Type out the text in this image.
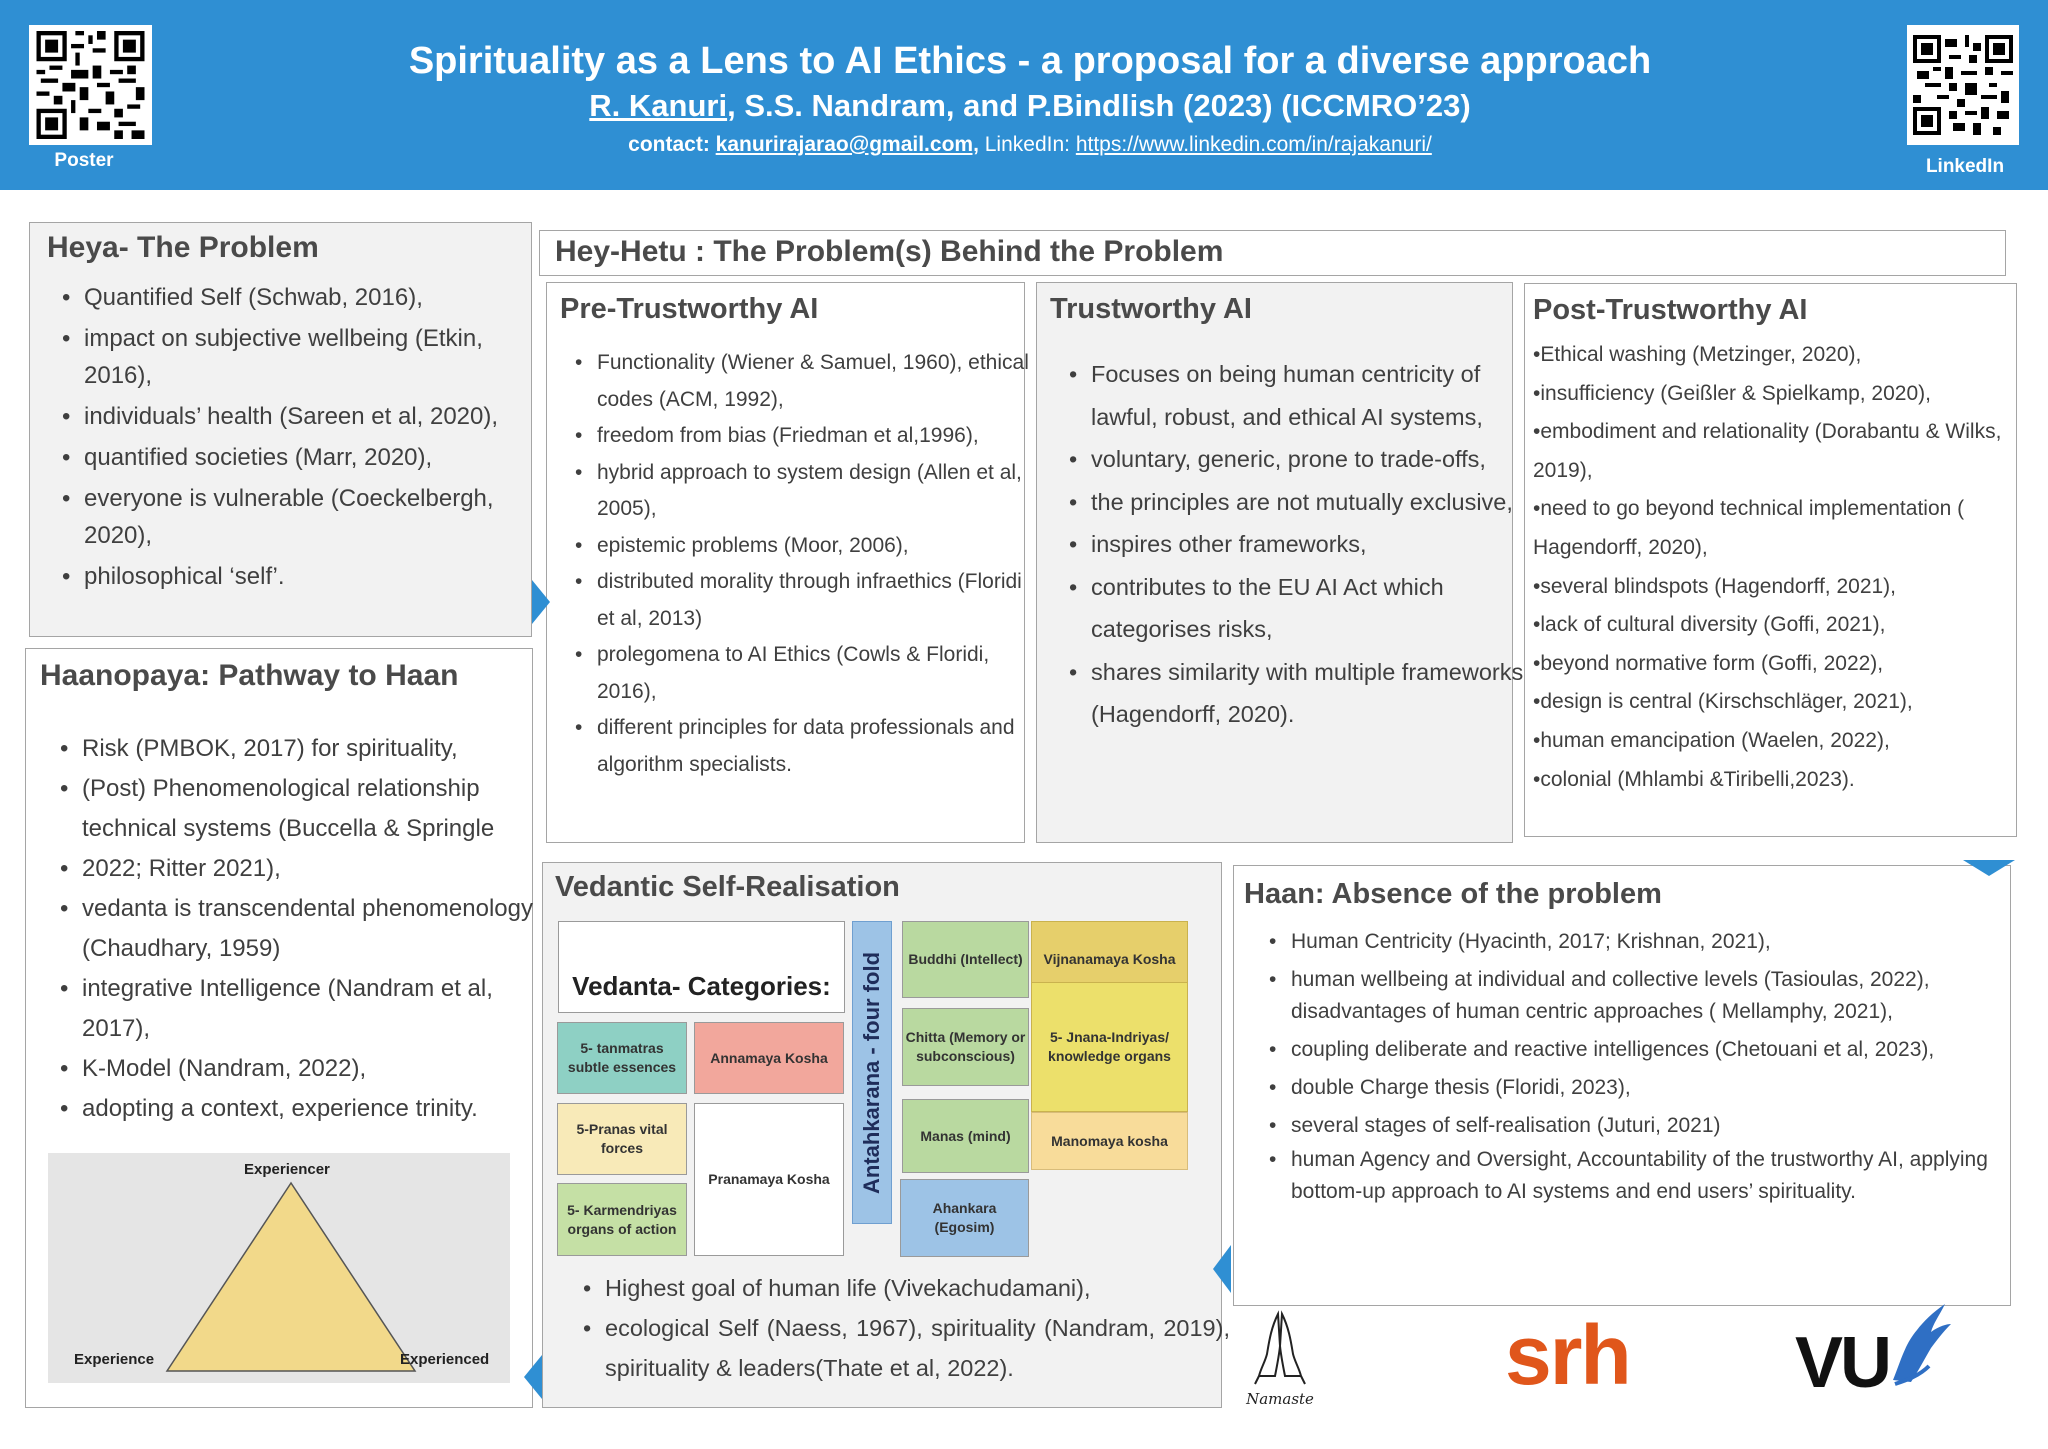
Poster	LinkedIn
Spirituality as a Lens to AI Ethics - a proposal for a diverse approach
R. Kanuri, S.S. Nandram, and P.Bindlish (2023) (ICCMRO’23)
contact: kanurirajarao@gmail.com, LinkedIn: https://www.linkedin.com/in/rajakanuri/
Heya- The Problem
• Quantified Self (Schwab, 2016),
• impact on subjective wellbeing (Etkin, 2016),
• individuals’ health (Sareen et al, 2020),
• quantified societies (Marr, 2020),
• everyone is vulnerable (Coeckelbergh, 2020),
• philosophical ‘self’.
Haanopaya: Pathway to Haan
• Risk (PMBOK, 2017) for spirituality,
• (Post) Phenomenological relationship technical systems (Buccella & Springle
• 2022; Ritter 2021),
• vedanta is transcendental phenomenology (Chaudhary, 1959)
• integrative Intelligence (Nandram et al, 2017),
• K-Model (Nandram, 2022),
• adopting a context, experience trinity.
Experiencer
Experience	Experienced
Hey-Hetu : The Problem(s) Behind the Problem
Pre-Trustworthy AI
• Functionality (Wiener & Samuel, 1960), ethical codes (ACM, 1992),
• freedom from bias (Friedman et al,1996),
• hybrid approach to system design (Allen et al, 2005),
• epistemic problems (Moor, 2006),
• distributed morality through infraethics (Floridi et al, 2013)
• prolegomena to AI Ethics (Cowls & Floridi, 2016),
• different principles for data professionals and algorithm specialists.
Trustworthy AI
• Focuses on being human centricity of lawful, robust, and ethical AI systems,
• voluntary, generic, prone to trade-offs,
• the principles are not mutually exclusive,
• inspires other frameworks,
• contributes to the EU AI Act which categorises risks,
• shares similarity with multiple frameworks (Hagendorff, 2020).
Post-Trustworthy AI
•Ethical washing (Metzinger, 2020),
•insufficiency (Geißler & Spielkamp, 2020),
•embodiment and relationality (Dorabantu & Wilks, 2019),
•need to go beyond technical implementation ( Hagendorff, 2020),
•several blindspots (Hagendorff, 2021),
•lack of cultural diversity (Goffi, 2021),
•beyond normative form (Goffi, 2022),
•design is central (Kirschschläger, 2021),
•human emancipation (Waelen, 2022),
•colonial (Mhlambi &Tiribelli,2023).
Vedantic Self-Realisation
Vedanta- Categories:
5- tanmatras subtle essences
Annamaya Kosha
5-Pranas vital forces
Pranamaya Kosha
5- Karmendriyas organs of action
Antahkarana - four fold	Buddhi (Intellect)	Vijnanamaya Kosha
Chitta (Memory or subconscious)
5- Jnana-Indriyas/ knowledge organs
Manas (mind)	Manomaya kosha
Ahankara (Egosim)
• Highest goal of human life (Vivekachudamani),
• ecological Self (Naess, 1967), spirituality (Nandram, 2019), spirituality & leaders(Thate et al, 2022).
Haan: Absence of the problem
• Human Centricity (Hyacinth, 2017; Krishnan, 2021),
• human wellbeing at individual and collective levels (Tasioulas, 2022), disadvantages of human centric approaches ( Mellamphy, 2021),
• coupling deliberate and reactive intelligences (Chetouani et al, 2023),
• double Charge thesis (Floridi, 2023),
• several stages of self-realisation (Juturi, 2021)
• human Agency and Oversight, Accountability of the trustworthy AI, applying bottom-up approach to AI systems and end users’ spirituality.
Namaste srh VU
